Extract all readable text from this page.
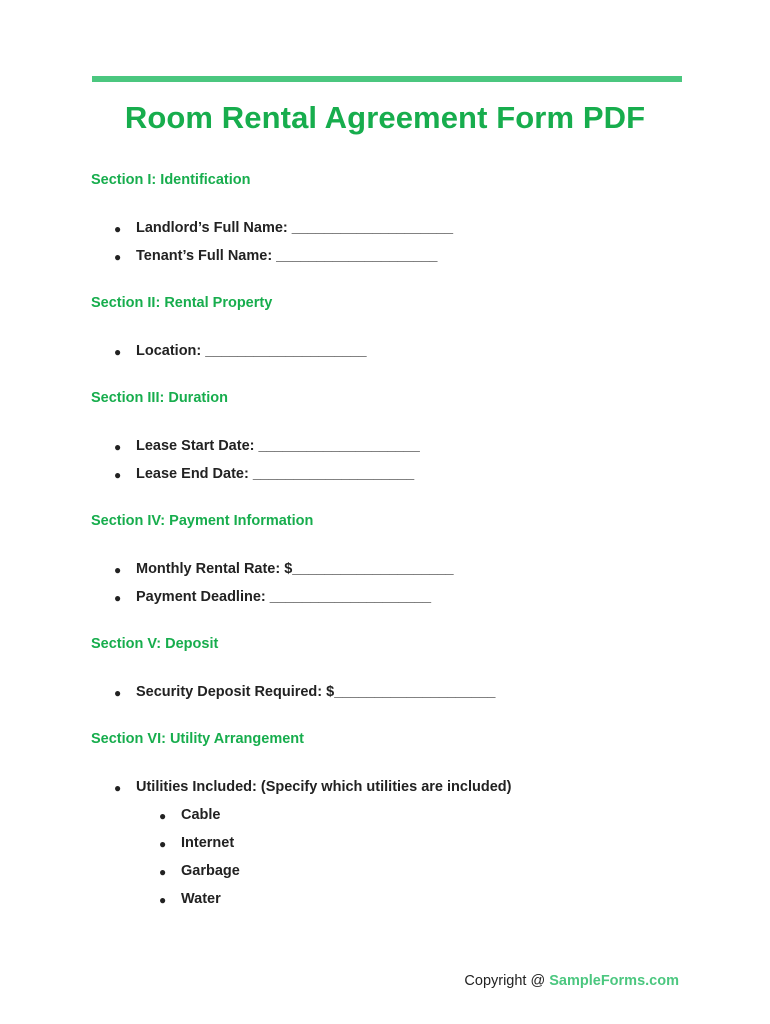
Room Rental Agreement Form PDF
Section I: Identification
● Landlord’s Full Name: ____________________
● Tenant’s Full Name: ____________________
Section II: Rental Property
● Location: ____________________
Section III: Duration
● Lease Start Date: ____________________
● Lease End Date: ____________________
Section IV: Payment Information
● Monthly Rental Rate: $____________________
● Payment Deadline: ____________________
Section V: Deposit
● Security Deposit Required: $____________________
Section VI: Utility Arrangement
● Utilities Included: (Specify which utilities are included)
● Cable
● Internet
● Garbage
● Water
Copyright @ SampleForms.com
